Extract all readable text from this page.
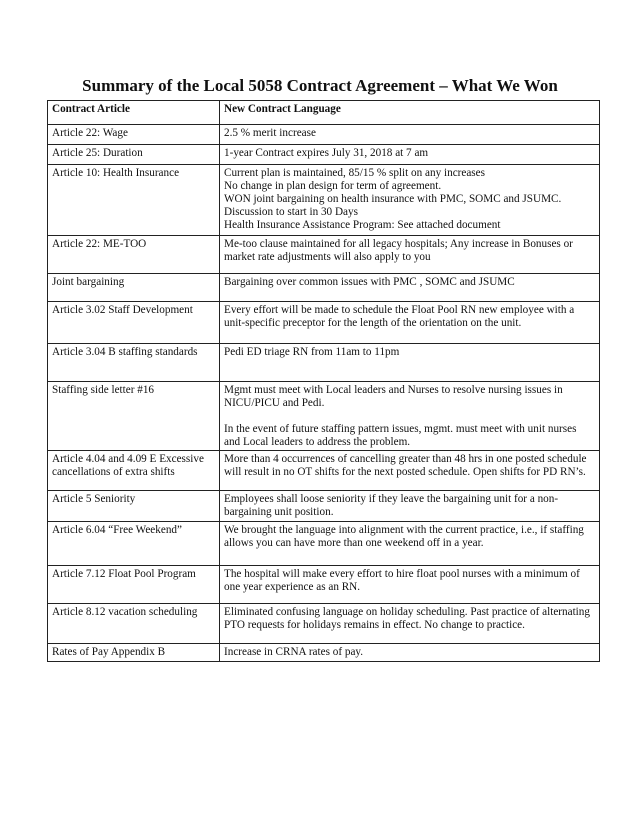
Summary of the Local 5058 Contract Agreement – What We Won
Contract Article	New Contract Language
Article 22: Wage	2.5 % merit increase

Article 25: Duration	1-year Contract expires July 31, 2018 at 7 am

Article 10: Health Insurance	Current plan is maintained, 85/15 % split on any increases
No change in plan design for term of agreement.
WON joint bargaining on health insurance with PMC, SOMC and JSUMC. Discussion to start in 30 Days
Health Insurance Assistance Program: See attached document

Article 22: ME-TOO	Me-too clause maintained for all legacy hospitals; Any increase in Bonuses or market rate adjustments will also apply to you

Joint bargaining	Bargaining over common issues with PMC , SOMC and JSUMC

Article 3.02 Staff Development	Every effort will be made to schedule the Float Pool RN new employee with a unit-specific preceptor for the length of the orientation on the unit.

Article 3.04 B staffing standards	Pedi ED triage RN from 11am to 11pm

Staffing side letter #16	Mgmt must meet with Local leaders and Nurses to resolve nursing issues in NICU/PICU and Pedi.
In the event of future staffing pattern issues, mgmt. must meet with unit nurses and Local leaders to address the problem.

Article 4.04 and 4.09 E Excessive cancellations of extra shifts	More than 4 occurrences of cancelling greater than 48 hrs in one posted schedule will result in no OT shifts for the next posted schedule. Open shifts for PD RN’s.

Article 5 Seniority	Employees shall loose seniority if they leave the bargaining unit for a non-bargaining unit position.

Article 6.04 “Free Weekend”	We brought the language into alignment with the current practice, i.e., if staffing allows you can have more than one weekend off in a year.

Article 7.12 Float Pool Program	The hospital will make every effort to hire float pool nurses with a minimum of one year experience as an RN.

Article 8.12 vacation scheduling	Eliminated confusing language on holiday scheduling. Past practice of alternating PTO requests for holidays remains in effect. No change to practice.

Rates of Pay Appendix B	Increase in CRNA rates of pay.
